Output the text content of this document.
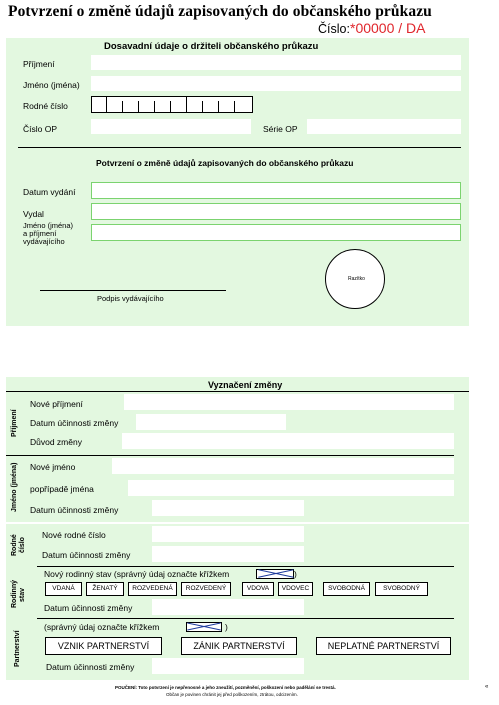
Potvrzení o změně údajů zapisovaných do občanského průkazu
Číslo: *00000 / DA
Dosavadní údaje o držiteli občanského průkazu
Příjmení
Jméno (jména)
Rodné číslo
Číslo OP	Série OP
Potvrzení o změně údajů zapisovaných do občanského průkazu
Datum vydání
Vydal
Jméno (jména)
a příjmení
vydávajícího
Razítko
Podpis vydávajícího
Vyznačení změny
Příjmení
Nové příjmení
Datum účinnosti změny
Důvod změny
Jméno (jména) Nové jméno
popřípadě jména
Datum účinnosti změny
Rodné číslo
Nové rodné číslo
Datum účinnosti změny
Rodinný stav
Nový rodinný stav (správný údaj označte křížkem	)
VDANÁ	ŽENATÝ	ROZVEDENÁ	ROZVEDENÝ	VDOVA	VDOVEC	SVOBODNÁ	SVOBODNÝ
Datum účinnosti změny
Partnerství
(správný údaj označte křížkem	)
VZNIK PARTNERSTVÍ	ZÁNIK PARTNERSTVÍ	NEPLATNÉ PARTNERSTVÍ
Datum účinnosti změny
POUČENÍ: Toto potvrzení je nepřenosné a jeho zneužití, pozměnění, poškození nebo padělání se trestá.
Občan je povinen chránit jej před poškozením, ztrátou, odcizením.
«
